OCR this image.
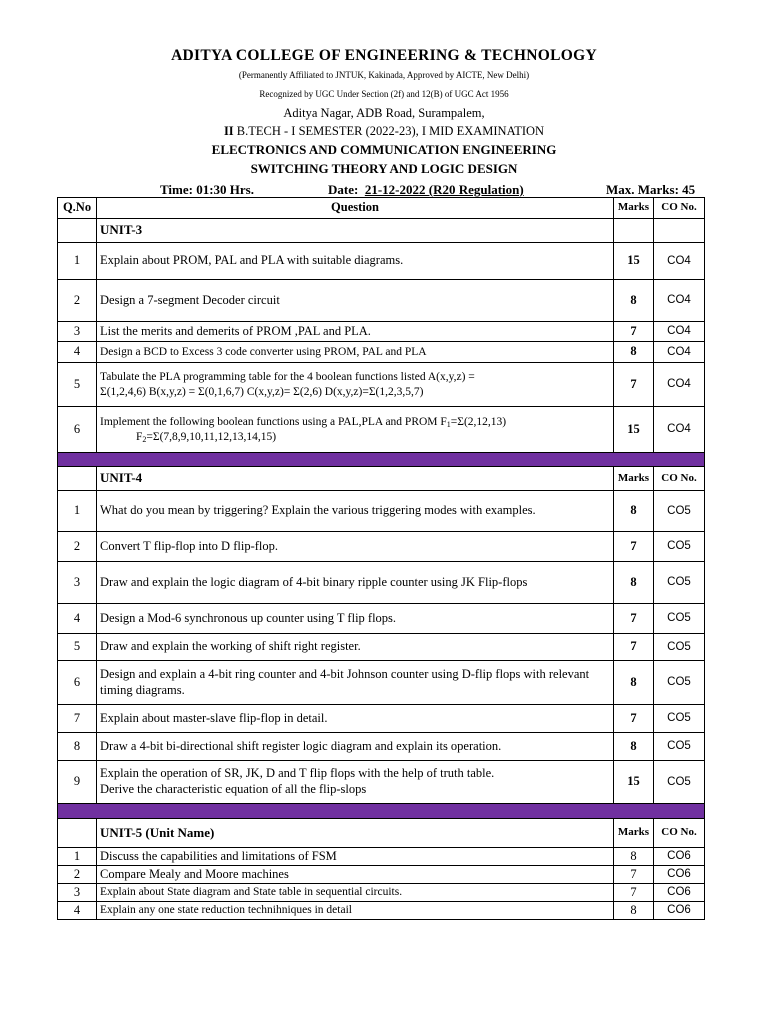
ADITYA COLLEGE OF ENGINEERING & TECHNOLOGY
(Permanently Affiliated to JNTUK, Kakinada, Approved by AICTE, New Delhi)
Recognized by UGC Under Section (2f) and 12(B) of UGC Act 1956
Aditya Nagar, ADB Road, Surampalem,
II B.TECH - I SEMESTER (2022-23), I MID EXAMINATION
ELECTRONICS AND COMMUNICATION ENGINEERING
SWITCHING THEORY AND LOGIC DESIGN
Time: 01:30 Hrs.	Date: 21-12-2022 (R20 Regulation)	Max. Marks: 45
Q.No	Question	Marks	CO No.
	UNIT-3		
1	Explain about PROM, PAL and PLA with suitable diagrams.	15	CO4
2	Design a 7-segment Decoder circuit	8	CO4
3	List the merits and demerits of PROM ,PAL and PLA.	7	CO4
4	Design a BCD to Excess 3 code converter using PROM, PAL and PLA	8	CO4
5	Tabulate the PLA programming table for the 4 boolean functions listed A(x,y,z) =
Σ(1,2,4,6) B(x,y,z) = Σ(0,1,6,7) C(x,y,z)= Σ(2,6) D(x,y,z)=Σ(1,2,3,5,7)	7	CO4
6	Implement the following boolean functions using a PAL,PLA and PROM $F_1=\Sigma(2,12,13)$
$F_2=\Sigma(7,8,9,10,11,12,13,14,15)$	15	CO4

	UNIT-4	Marks	CO No.
1	What do you mean by triggering? Explain the various triggering modes with examples.	8	CO5
2	Convert T flip-flop into D flip-flop.	7	CO5
3	Draw and explain the logic diagram of 4-bit binary ripple counter using JK Flip-flops	8	CO5
4	Design a Mod-6 synchronous up counter using T flip flops.	7	CO5
5	Draw and explain the working of shift right register.	7	CO5
6	Design and explain a 4-bit ring counter and 4-bit Johnson counter using D-flip flops with relevant timing diagrams.	8	CO5
7	Explain about master-slave flip-flop in detail.	7	CO5
8	Draw a 4-bit bi-directional shift register logic diagram and explain its operation.	8	CO5
9	Explain the operation of SR, JK, D and T flip flops with the help of truth table.
Derive the characteristic equation of all the flip-slops	15	CO5

	UNIT-5 (Unit Name)	Marks	CO No.
1	Discuss the capabilities and limitations of FSM	8	CO6
2	Compare Mealy and Moore machines	7	CO6
3	Explain about State diagram and State table in sequential circuits.	7	CO6
4	Explain any one state reduction technihniques in detail	8	CO6
